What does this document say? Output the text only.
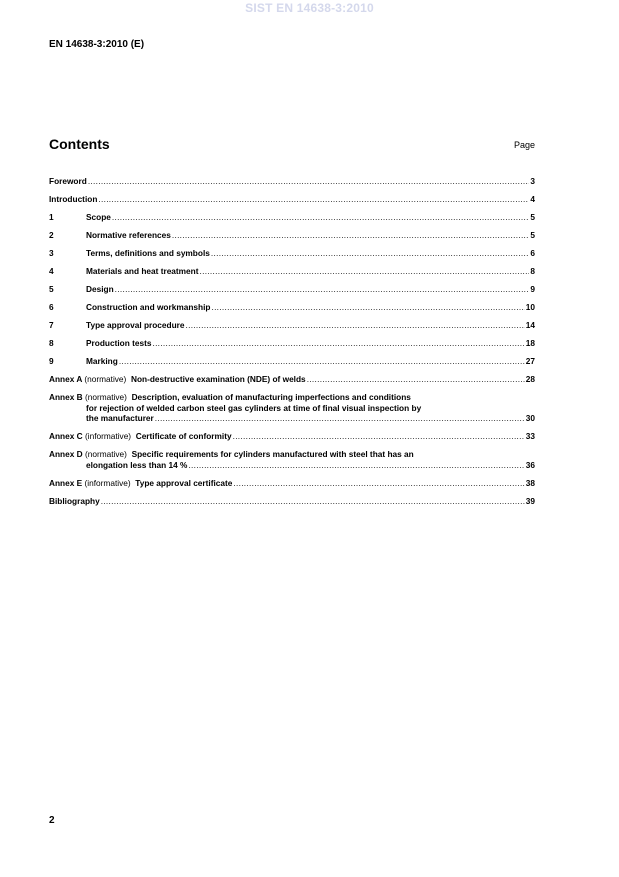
SIST EN 14638-3:2010
EN 14638-3:2010 (E)
Contents	Page
Foreword .....	3
Introduction .....	4
1	Scope .....	5
2	Normative references .....	5
3	Terms, definitions and symbols .....	6
4	Materials and heat treatment .....	8
5	Design .....	9
6	Construction and workmanship .....	10
7	Type approval procedure .....	14
8	Production tests .....	18
9	Marking .....	27
Annex A (normative) Non-destructive examination (NDE) of welds .....	28
Annex B (normative) Description, evaluation of manufacturing imperfections and conditions
for rejection of welded carbon steel gas cylinders at time of final visual inspection by
the manufacturer .....	30
Annex C (informative) Certificate of conformity .....	33
Annex D (normative) Specific requirements for cylinders manufactured with steel that has an
elongation less than 14 % .....	36
Annex E (informative) Type approval certificate .....	38
Bibliography .....	39
2
